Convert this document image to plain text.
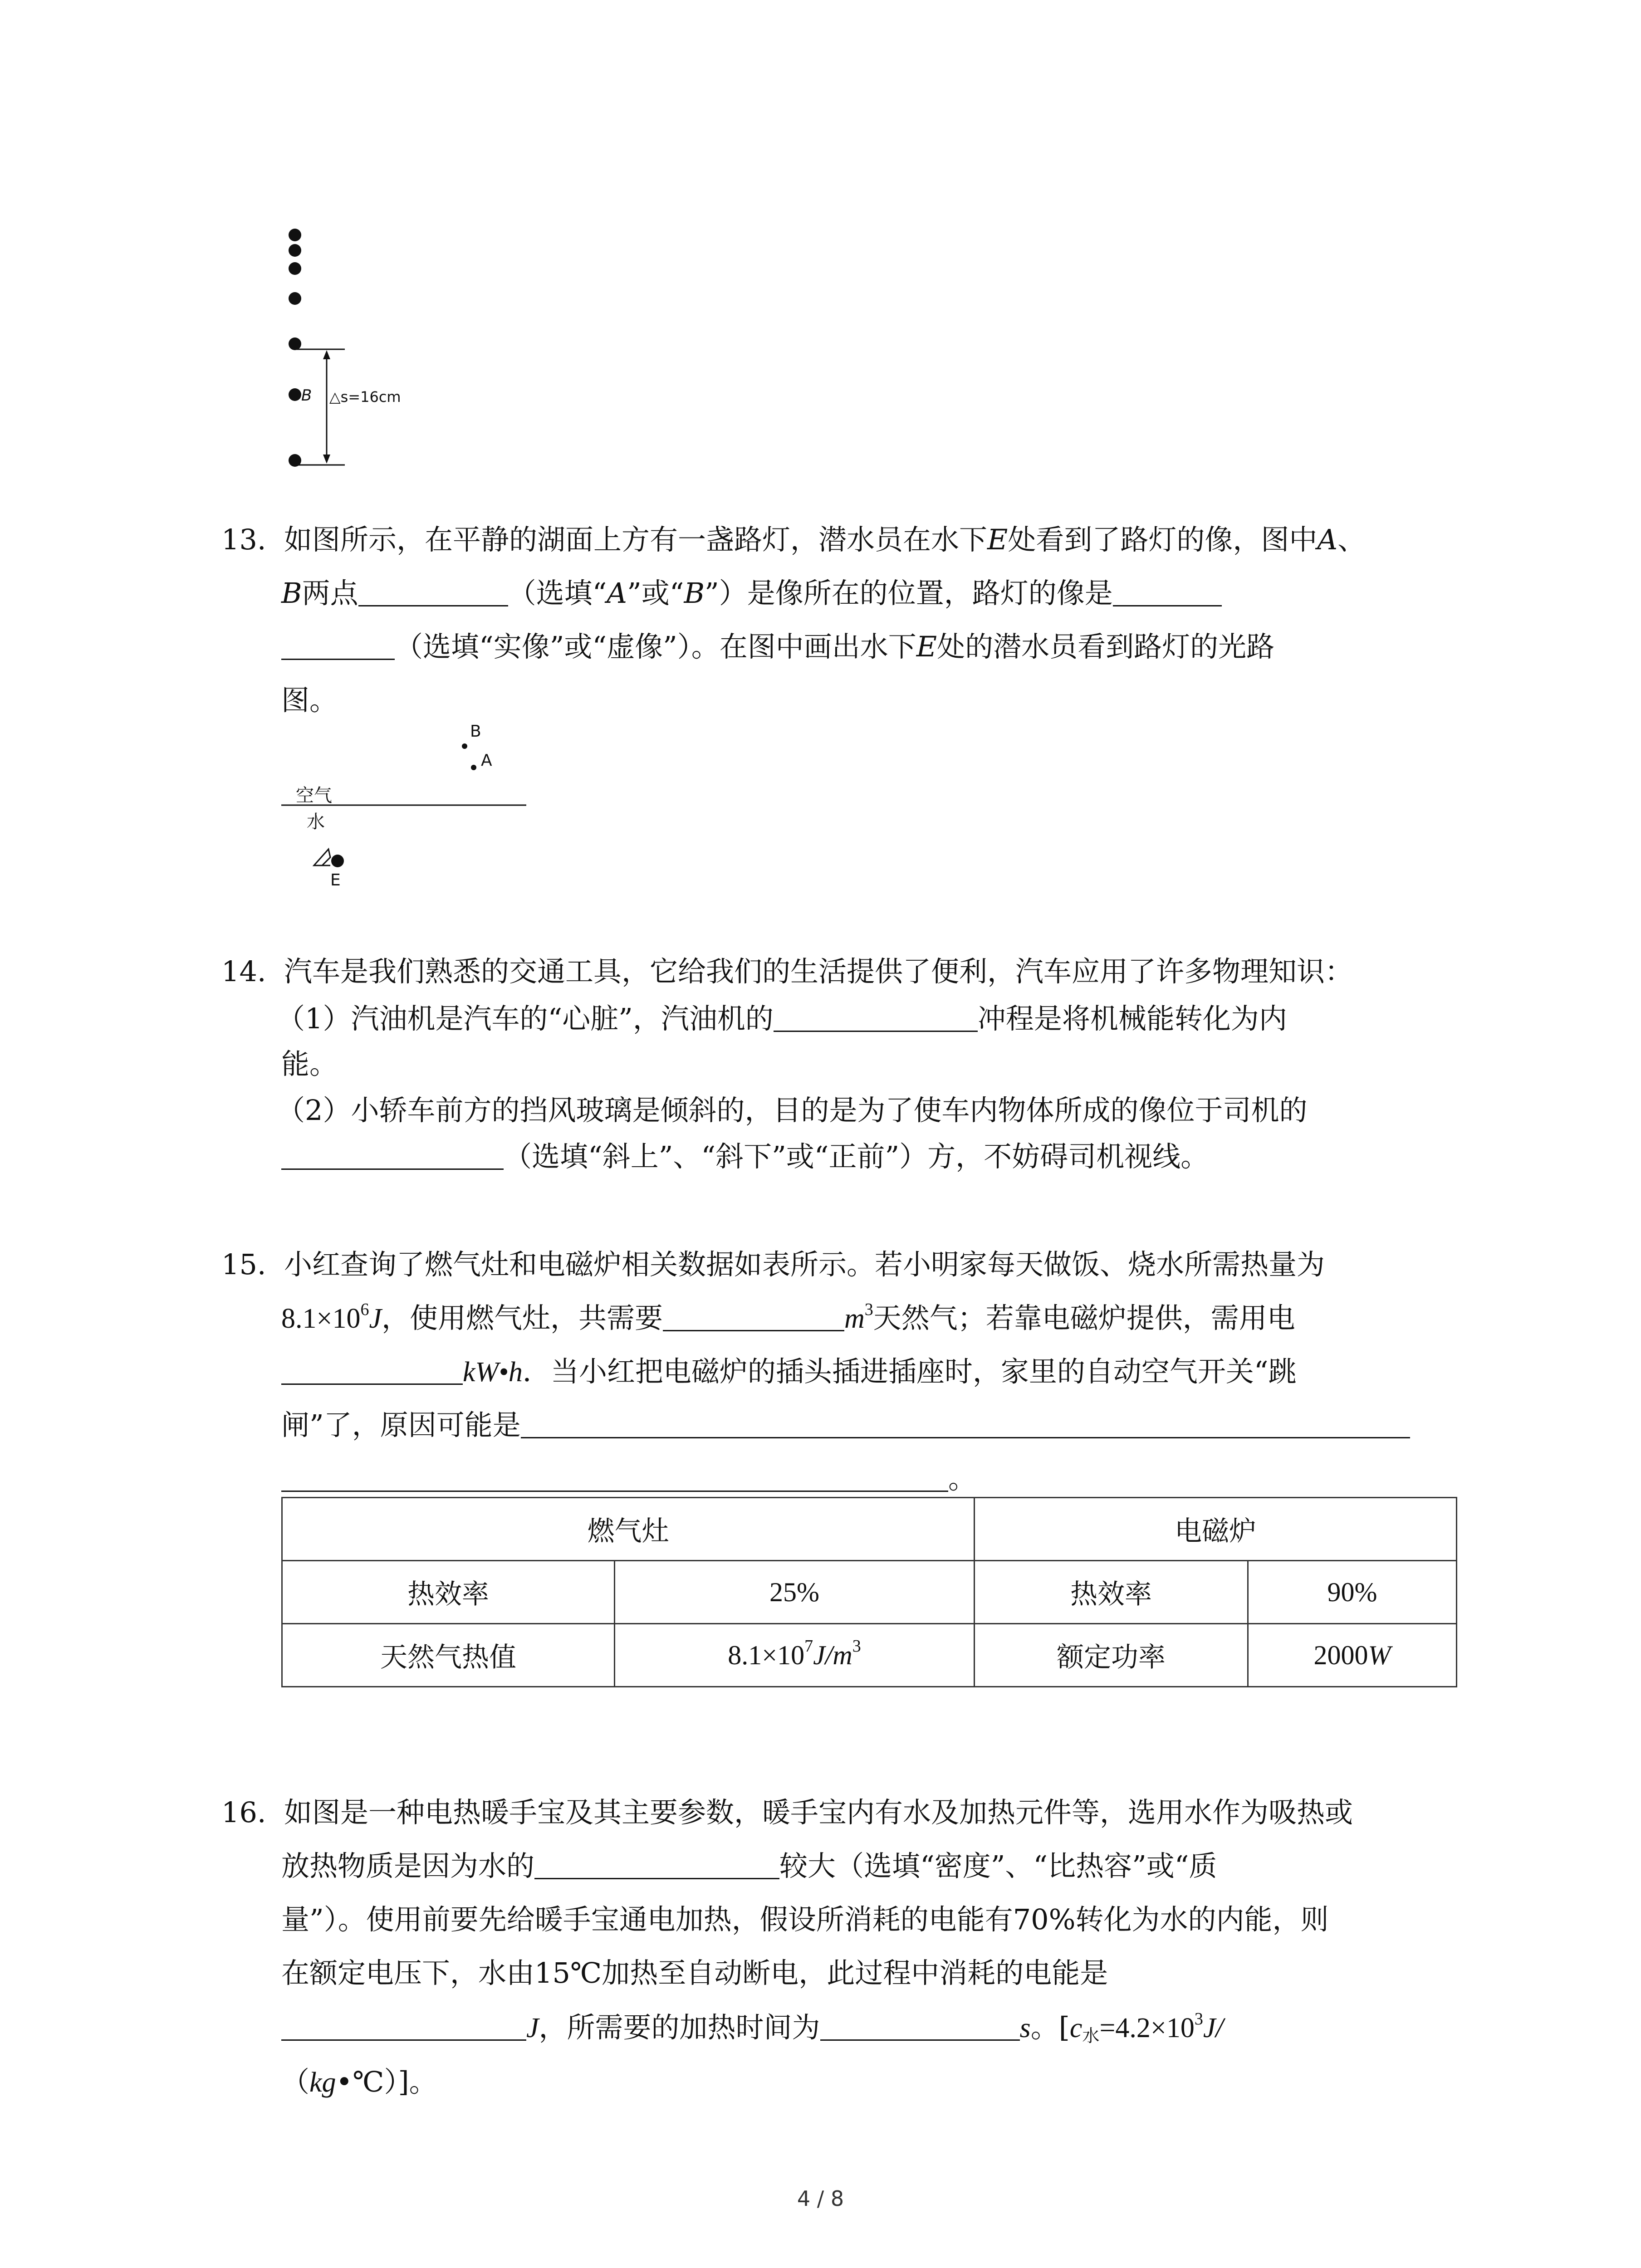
B △s=16cm
13. 如图所示，在平静的湖面上方有一盏路灯，潜水员在水下E处看到了路灯的像，图中A、
B两点	（选填“A”或“B”）是像所在的位置，路灯的像是
（选填“实像”或“虚像”）。在图中画出水下E处的潜水员看到路灯的光路
图。
B
A
空气
水
E
14. 汽车是我们熟悉的交通工具，它给我们的生活提供了便利，汽车应用了许多物理知识：
（1）汽油机是汽车的“心脏”，汽油机的	冲程是将机械能转化为内
能。
（2）小轿车前方的挡风玻璃是倾斜的，目的是为了使车内物体所成的像位于司机的
（选填“斜上”、“斜下”或“正前”）方，不妨碍司机视线。
15. 小红查询了燃气灶和电磁炉相关数据如表所示。若小明家每天做饭、烧水所需热量为
$8.1\times 10^6J$，使用燃气灶，共需要	$m^3$天然气；若靠电磁炉提供，需用电
kW•h．当小红把电磁炉的插头插进插座时，家里的自动空气开关“跳
闸”了，原因可能是
。
燃气灶		电磁炉	
热效率	25%	热效率	90%
天然气热值	$8.1\times 10^7J/m^3$	额定功率	2000W
16. 如图是一种电热暖手宝及其主要参数，暖手宝内有水及加热元件等，选用水作为吸热或
放热物质是因为水的	较大（选填“密度”、“比热容”或“质
量”）。使用前要先给暖手宝通电加热，假设所消耗的电能有70%转化为水的内能，则
在额定电压下，水由15℃加热至自动断电，此过程中消耗的电能是
J，所需要的加热时间为	s。[$c_水=4.2\times 10^3J/$
（kg•℃）]。
4 / 8
